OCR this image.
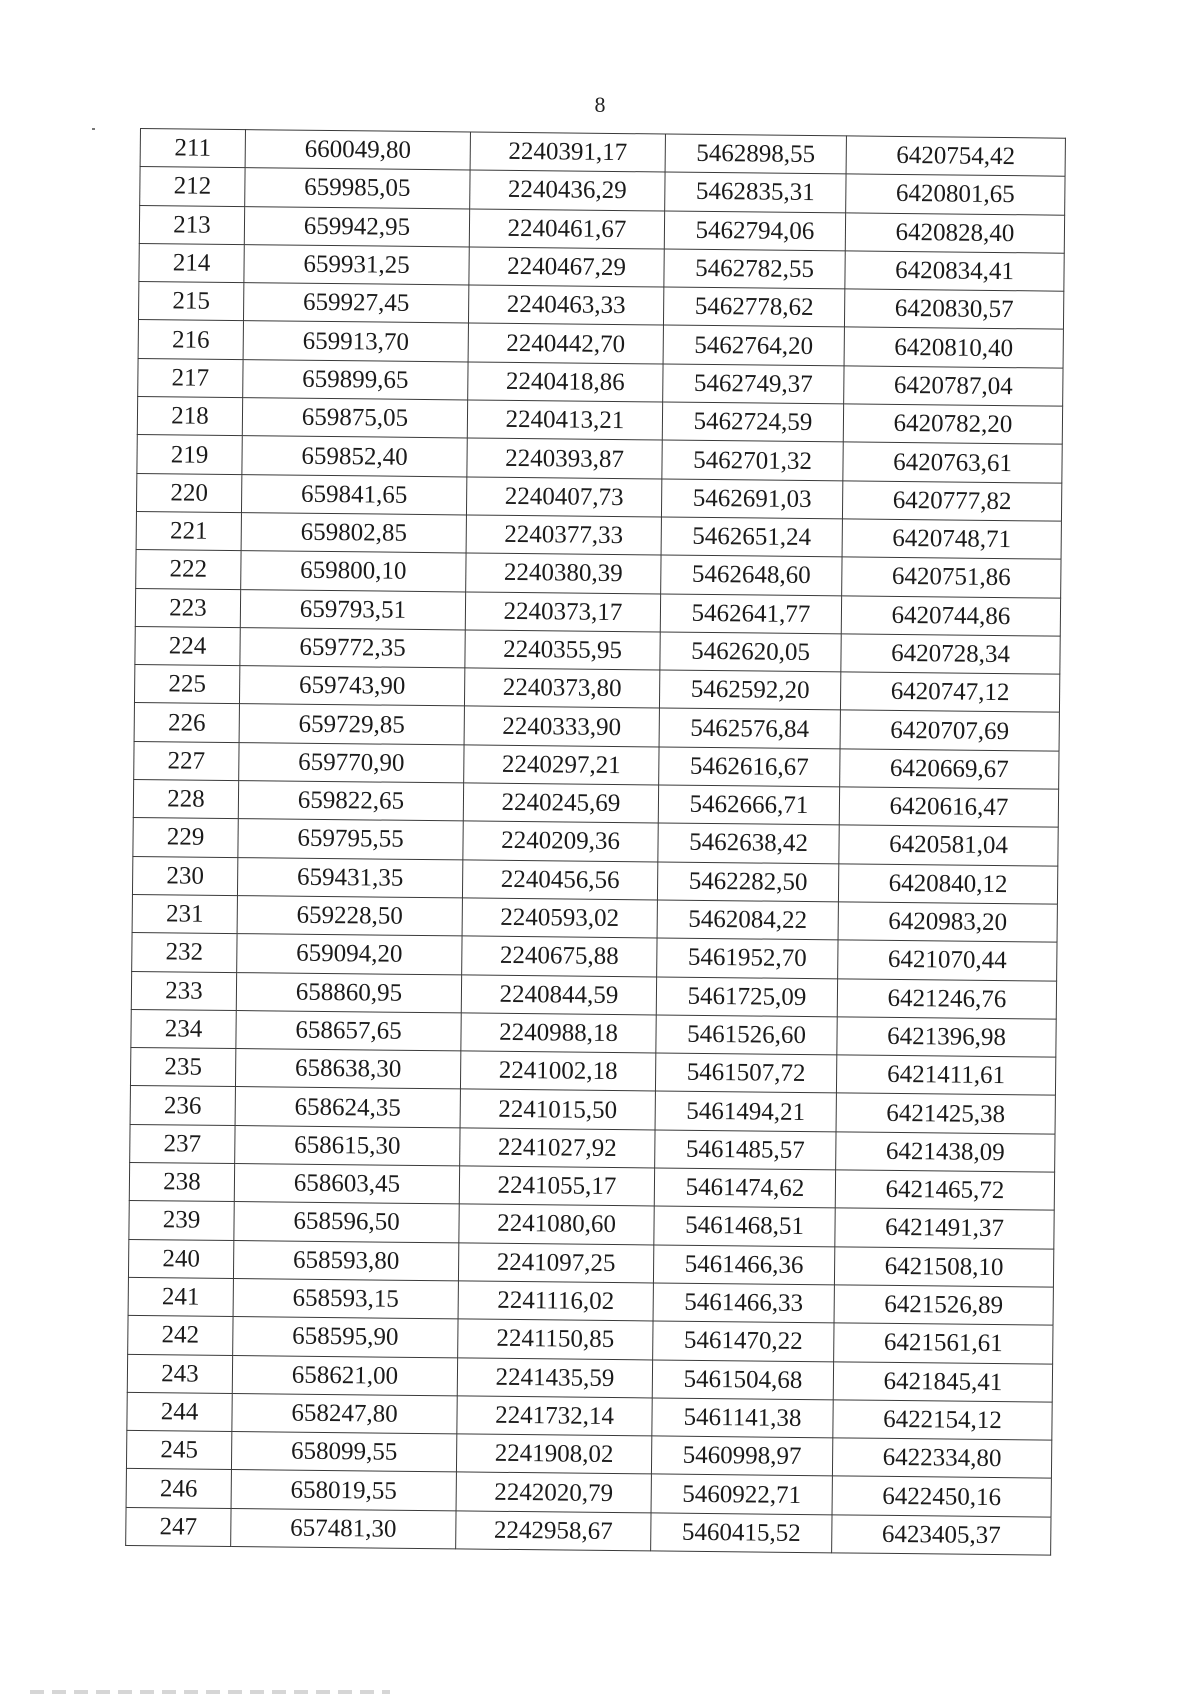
8
211	660049,80	2240391,17	5462898,55	6420754,42
212	659985,05	2240436,29	5462835,31	6420801,65
213	659942,95	2240461,67	5462794,06	6420828,40
214	659931,25	2240467,29	5462782,55	6420834,41
215	659927,45	2240463,33	5462778,62	6420830,57
216	659913,70	2240442,70	5462764,20	6420810,40
217	659899,65	2240418,86	5462749,37	6420787,04
218	659875,05	2240413,21	5462724,59	6420782,20
219	659852,40	2240393,87	5462701,32	6420763,61
220	659841,65	2240407,73	5462691,03	6420777,82
221	659802,85	2240377,33	5462651,24	6420748,71
222	659800,10	2240380,39	5462648,60	6420751,86
223	659793,51	2240373,17	5462641,77	6420744,86
224	659772,35	2240355,95	5462620,05	6420728,34
225	659743,90	2240373,80	5462592,20	6420747,12
226	659729,85	2240333,90	5462576,84	6420707,69
227	659770,90	2240297,21	5462616,67	6420669,67
228	659822,65	2240245,69	5462666,71	6420616,47
229	659795,55	2240209,36	5462638,42	6420581,04
230	659431,35	2240456,56	5462282,50	6420840,12
231	659228,50	2240593,02	5462084,22	6420983,20
232	659094,20	2240675,88	5461952,70	6421070,44
233	658860,95	2240844,59	5461725,09	6421246,76
234	658657,65	2240988,18	5461526,60	6421396,98
235	658638,30	2241002,18	5461507,72	6421411,61
236	658624,35	2241015,50	5461494,21	6421425,38
237	658615,30	2241027,92	5461485,57	6421438,09
238	658603,45	2241055,17	5461474,62	6421465,72
239	658596,50	2241080,60	5461468,51	6421491,37
240	658593,80	2241097,25	5461466,36	6421508,10
241	658593,15	2241116,02	5461466,33	6421526,89
242	658595,90	2241150,85	5461470,22	6421561,61
243	658621,00	2241435,59	5461504,68	6421845,41
244	658247,80	2241732,14	5461141,38	6422154,12
245	658099,55	2241908,02	5460998,97	6422334,80
246	658019,55	2242020,79	5460922,71	6422450,16
247	657481,30	2242958,67	5460415,52	6423405,37
